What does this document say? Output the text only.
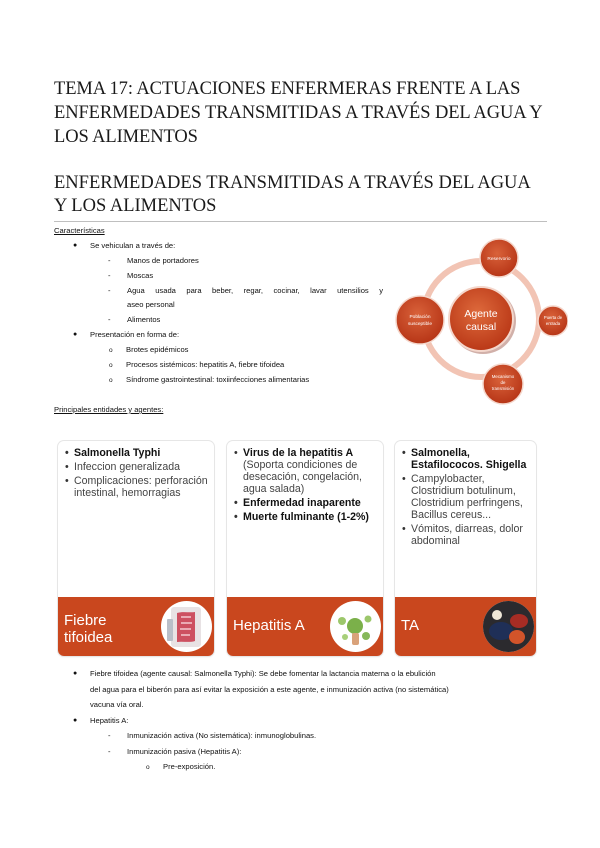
TEMA 17: ACTUACIONES ENFERMERAS FRENTE A LAS ENFERMEDADES TRANSMITIDAS A TRAVÉS DEL AGUA Y LOS ALIMENTOS
ENFERMEDADES TRANSMITIDAS A TRAVÉS DEL AGUA Y LOS ALIMENTOS
Características
● Se vehiculan a través de:
- Manos de portadores
- Moscas
- Agua usada para beber, regar, cocinar, lavar utensilios y
aseo personal
- Alimentos
● Presentación en forma de:
o Brotes epidémicos
o Procesos sistémicos: hepatitis A, fiebre tifoidea
o Síndrome gastrointestinal: toxiinfecciones alimentarias
Principales entidades y agentes:
Agente
causal
Reservorio
Puerta de
entrada
Mecanismo
de
transmisión
Población
susceptible
• Salmonella Typhi
• Infeccion generalizada
• Complicaciones: perforación intestinal, hemorragias
Fiebre
tifoidea
• Virus de la hepatitis A (Soporta condiciones de desecación, congelación, agua salada)
• Enfermedad inaparente
• Muerte fulminante (1-2%)
Hepatitis A
• Salmonella, Estafilococos. Shigella
• Campylobacter, Clostridium botulinum, Clostridium perfringens, Bacillus cereus...
• Vómitos, diarreas, dolor abdominal
TA
● Fiebre tifoidea (agente causal: Salmonella Typhi): Se debe fomentar la lactancia materna o la ebulición
del agua para el biberón para así evitar la exposición a este agente, e inmunización activa (no sistemática)
vacuna vía oral.
● Hepatitis A:
- Inmunización activa (No sistemática): inmunoglobulinas.
- Inmunización pasiva (Hepatitis A):
o Pre-exposición.
